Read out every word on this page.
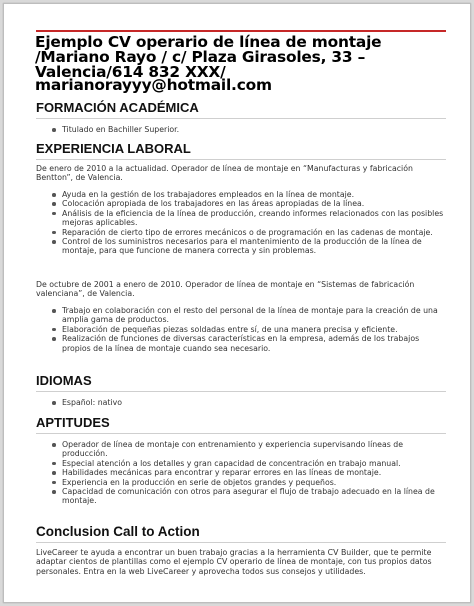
Ejemplo CV operario de línea de montaje
/Mariano Rayo / c/ Plaza Girasoles, 33 –
Valencia/614 832 XXX/
marianorayyy@hotmail.com
FORMACIÓN ACADÉMICA
Titulado en Bachiller Superior.
EXPERIENCIA LABORAL

De enero de 2010 a la actualidad. Operador de línea de montaje en “Manufacturas y fabricación Bentton”, de Valencia.

Ayuda en la gestión de los trabajadores empleados en la línea de montaje.
Colocación apropiada de los trabajadores en las áreas apropiadas de la línea.
Análisis de la eficiencia de la línea de producción, creando informes relacionados con las posibles mejoras aplicables.
Reparación de cierto tipo de errores mecánicos o de programación en las cadenas de montaje.
Control de los suministros necesarios para el mantenimiento de la producción de la línea de montaje, para que funcione de manera correcta y sin problemas.

De octubre de 2001 a enero de 2010. Operador de línea de montaje en “Sistemas de fabricación valenciana”, de Valencia.

Trabajo en colaboración con el resto del personal de la línea de montaje para la creación de una amplia gama de productos.
Elaboración de pequeñas piezas soldadas entre sí, de una manera precisa y eficiente.
Realización de funciones de diversas características en la empresa, además de los trabajos propios de la línea de montaje cuando sea necesario.
IDIOMAS
Español: nativo
APTITUDES
Operador de línea de montaje con entrenamiento y experiencia supervisando líneas de producción.
Especial atención a los detalles y gran capacidad de concentración en trabajo manual.
Habilidades mecánicas para encontrar y reparar errores en las líneas de montaje.
Experiencia en la producción en serie de objetos grandes y pequeños.
Capacidad de comunicación con otros para asegurar el flujo de trabajo adecuado en la línea de montaje.
Conclusion Call to Action

LiveCareer te ayuda a encontrar un buen trabajo gracias a la herramienta CV Builder, que te permite adaptar cientos de plantillas como el ejemplo CV operario de línea de montaje, con tus propios datos personales. Entra en la web LiveCareer y aprovecha todos sus consejos y utilidades.
